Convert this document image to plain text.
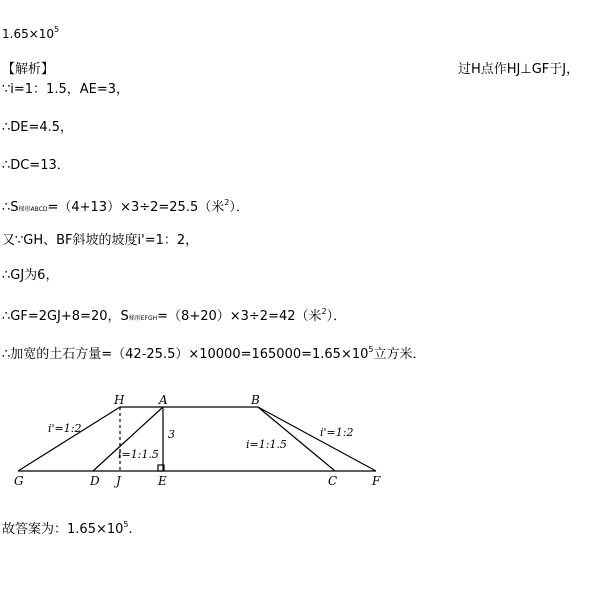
$1.65\times 10^5$
【解析】	过H点作HJ⊥GF于J，
∵i=1：1.5，AE=3，
∴DE=4.5，
∴DC=13．
∴S梯形ABCD=（4+13）×3÷2=25.5（米$^2$）．
又∵GH、BF斜坡的坡度i'=1：2，
∴GJ为6，
∴GF=2GJ+8=20，S梯形EFGH=（8+20）×3÷2=42（米$^2$）．
∴加宽的土石方量$=(42-25.5)\times 10000=165000=1.65\times 10^5$立方米．
H	A	B
G	D J	E	C	F
i'=1:2	i'=1:2
i=1:1.5
i=1:1.5
3
故答案为：$1.65\times 10^5$.
